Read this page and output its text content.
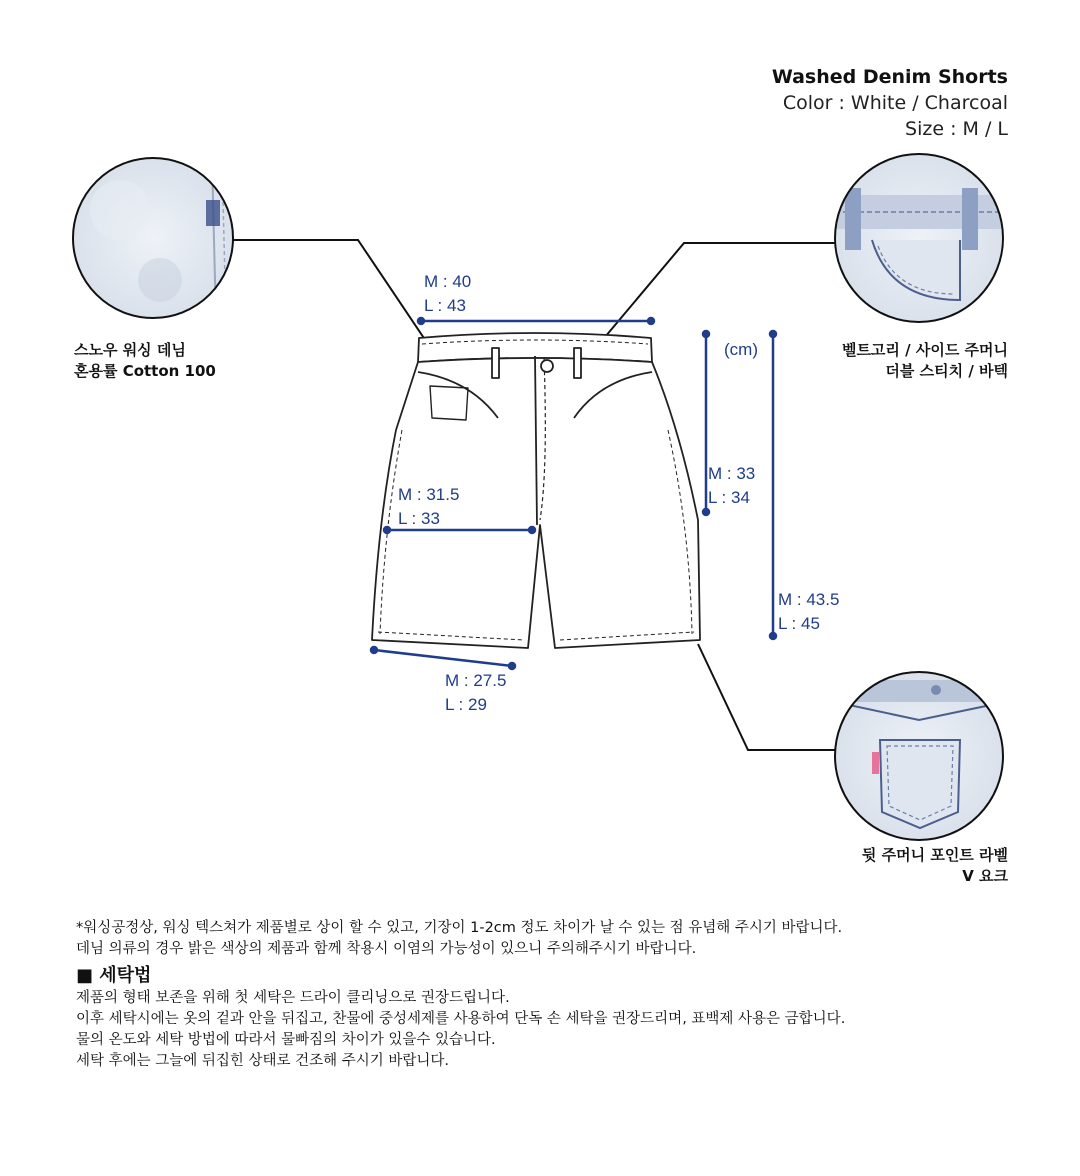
Washed Denim Shorts
Color : White / Charcoal
Size : M / L
스노우 워싱 데님
혼용률 Cotton 100
벨트고리 / 사이드 주머니
더블 스티치 / 바텍
뒷 주머니 포인트 라벨
V 요크
(cm)
M : 40
L : 43
M : 31.5
L : 33
M : 27.5
L : 29
M : 33
L : 34
M : 43.5
L : 45

*워싱공정상, 워싱 텍스쳐가 제품별로 상이 할 수 있고, 기장이 1-2cm 정도 차이가 날 수 있는 점 유념해 주시기 바랍니다.

데님 의류의 경우 밝은 색상의 제품과 함께 착용시 이염의 가능성이 있으니 주의해주시기 바랍니다.

■ 세탁법

제품의 형태 보존을 위해 첫 세탁은 드라이 클리닝으로 권장드립니다.

이후 세탁시에는 옷의 겉과 안을 뒤집고, 찬물에 중성세제를 사용하여 단독 손 세탁을 권장드리며, 표백제 사용은 금합니다.

물의 온도와 세탁 방법에 따라서 물빠짐의 차이가 있을수 있습니다.

세탁 후에는 그늘에 뒤집힌 상태로 건조해 주시기 바랍니다.
